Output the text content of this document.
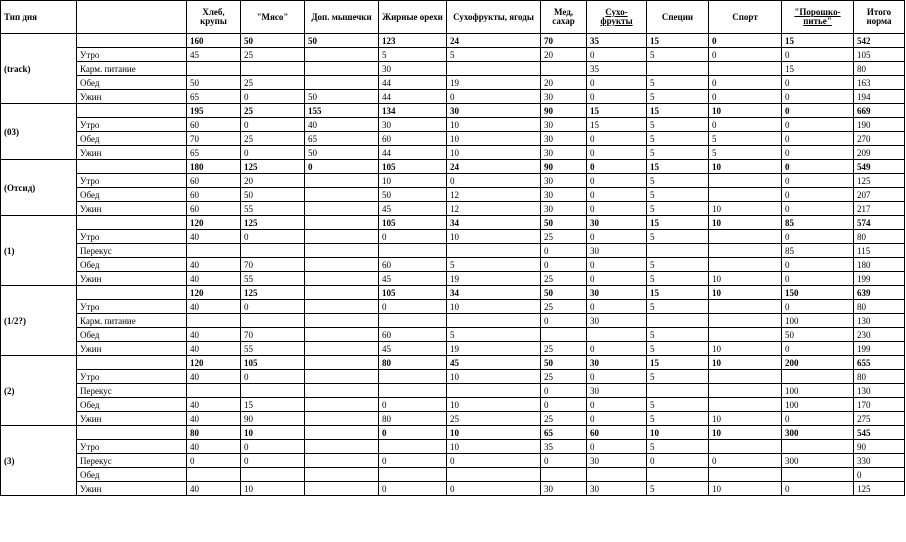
Тип дня		Хлеб, крупы	"Мясо"	Доп. мышечки	Жирные орехи	Сухофрукты, ягоды	Мед, сахар	Сухо-фрукты	Специи	Спорт	"Порошко-питье"	Итого норма
(track)		160	50	50	123	24	70	35	15	0	15	542
	Утро	45	25		5	5	20	0	5	0	0	105
	Карм. питание				30			35			15	80
	Обед	50	25		44	19	20	0	5	0	0	163
	Ужин	65	0	50	44	0	30	0	5	0	0	194
(03)		195	25	155	134	30	90	15	15	10	0	669
	Утро	60	0	40	30	10	30	15	5	0	0	190
	Обед	70	25	65	60	10	30	0	5	5	0	270
	Ужин	65	0	50	44	10	30	0	5	5	0	209
(Отсид)		180	125	0	105	24	90	0	15	10	0	549
	Утро	60	20		10	0	30	0	5		0	125
	Обед	60	50		50	12	30	0	5		0	207
	Ужин	60	55		45	12	30	0	5	10	0	217
(1)		120	125		105	34	50	30	15	10	85	574
	Утро	40	0		0	10	25	0	5		0	80
	Перекус						0	30			85	115
	Обед	40	70		60	5	0	0	5		0	180
	Ужин	40	55		45	19	25	0	5	10	0	199
(1/2?)		120	125		105	34	50	30	15	10	150	639
	Утро	40	0		0	10	25	0	5		0	80
	Карм. питание						0	30			100	130
	Обед	40	70		60	5			5		50	230
	Ужин	40	55		45	19	25	0	5	10	0	199
(2)		120	105		80	45	50	30	15	10	200	655
	Утро	40	0			10	25	0	5			80
	Перекус						0	30			100	130
	Обед	40	15		0	10	0	0	5		100	170
	Ужин	40	90		80	25	25	0	5	10	0	275
(3)		80	10		0	10	65	60	10	10	300	545
	Утро	40	0			10	35	0	5			90
	Перекус	0	0		0	0	0	30	0	0	300	330
	Обед											0
	Ужин	40	10		0	0	30	30	5	10	0	125
